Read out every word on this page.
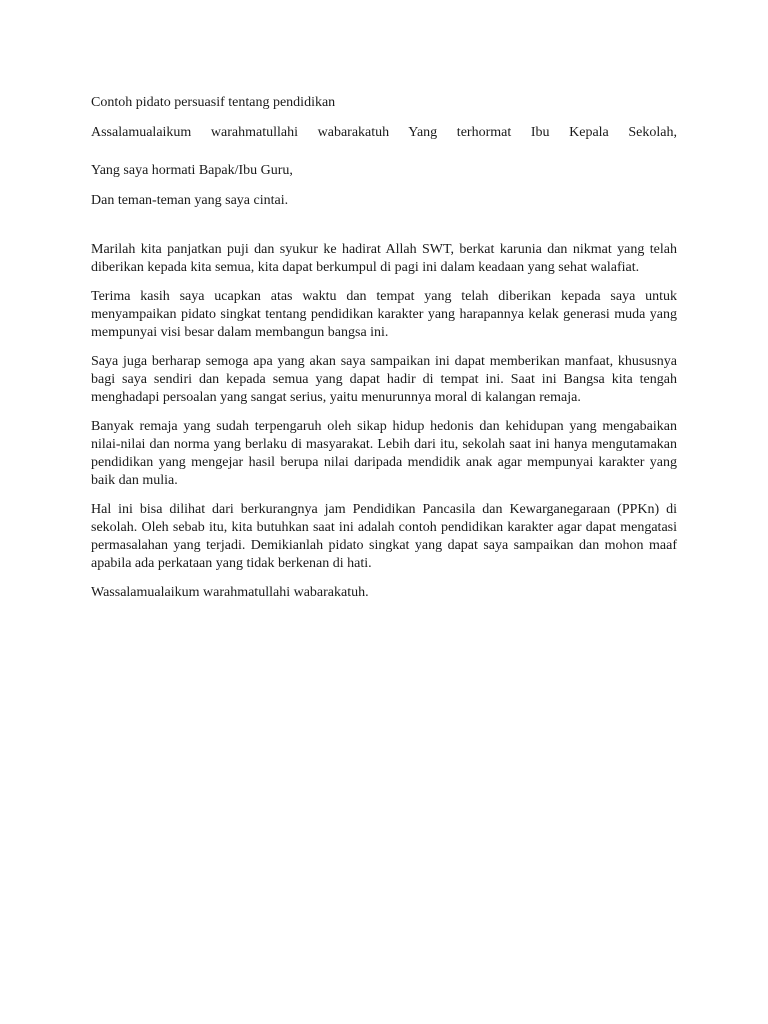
Contoh pidato persuasif tentang pendidikan

Assalamualaikum warahmatullahi wabarakatuh Yang terhormat Ibu Kepala Sekolah,

Yang saya hormati Bapak/Ibu Guru,

Dan teman-teman yang saya cintai.

Marilah kita panjatkan puji dan syukur ke hadirat Allah SWT, berkat karunia dan nikmat yang telah diberikan kepada kita semua, kita dapat berkumpul di pagi ini dalam keadaan yang sehat walafiat.

Terima kasih saya ucapkan atas waktu dan tempat yang telah diberikan kepada saya untuk menyampaikan pidato singkat tentang pendidikan karakter yang harapannya kelak generasi muda yang mempunyai visi besar dalam membangun bangsa ini.

Saya juga berharap semoga apa yang akan saya sampaikan ini dapat memberikan manfaat, khususnya bagi saya sendiri dan kepada semua yang dapat hadir di tempat ini. Saat ini Bangsa kita tengah menghadapi persoalan yang sangat serius, yaitu menurunnya moral di kalangan remaja.

Banyak remaja yang sudah terpengaruh oleh sikap hidup hedonis dan kehidupan yang mengabaikan nilai-nilai dan norma yang berlaku di masyarakat. Lebih dari itu, sekolah saat ini hanya mengutamakan pendidikan yang mengejar hasil berupa nilai daripada mendidik anak agar mempunyai karakter yang baik dan mulia.

Hal ini bisa dilihat dari berkurangnya jam Pendidikan Pancasila dan Kewarganegaraan (PPKn) di sekolah. Oleh sebab itu, kita butuhkan saat ini adalah contoh pendidikan karakter agar dapat mengatasi permasalahan yang terjadi. Demikianlah pidato singkat yang dapat saya sampaikan dan mohon maaf apabila ada perkataan yang tidak berkenan di hati.

Wassalamualaikum warahmatullahi wabarakatuh.
